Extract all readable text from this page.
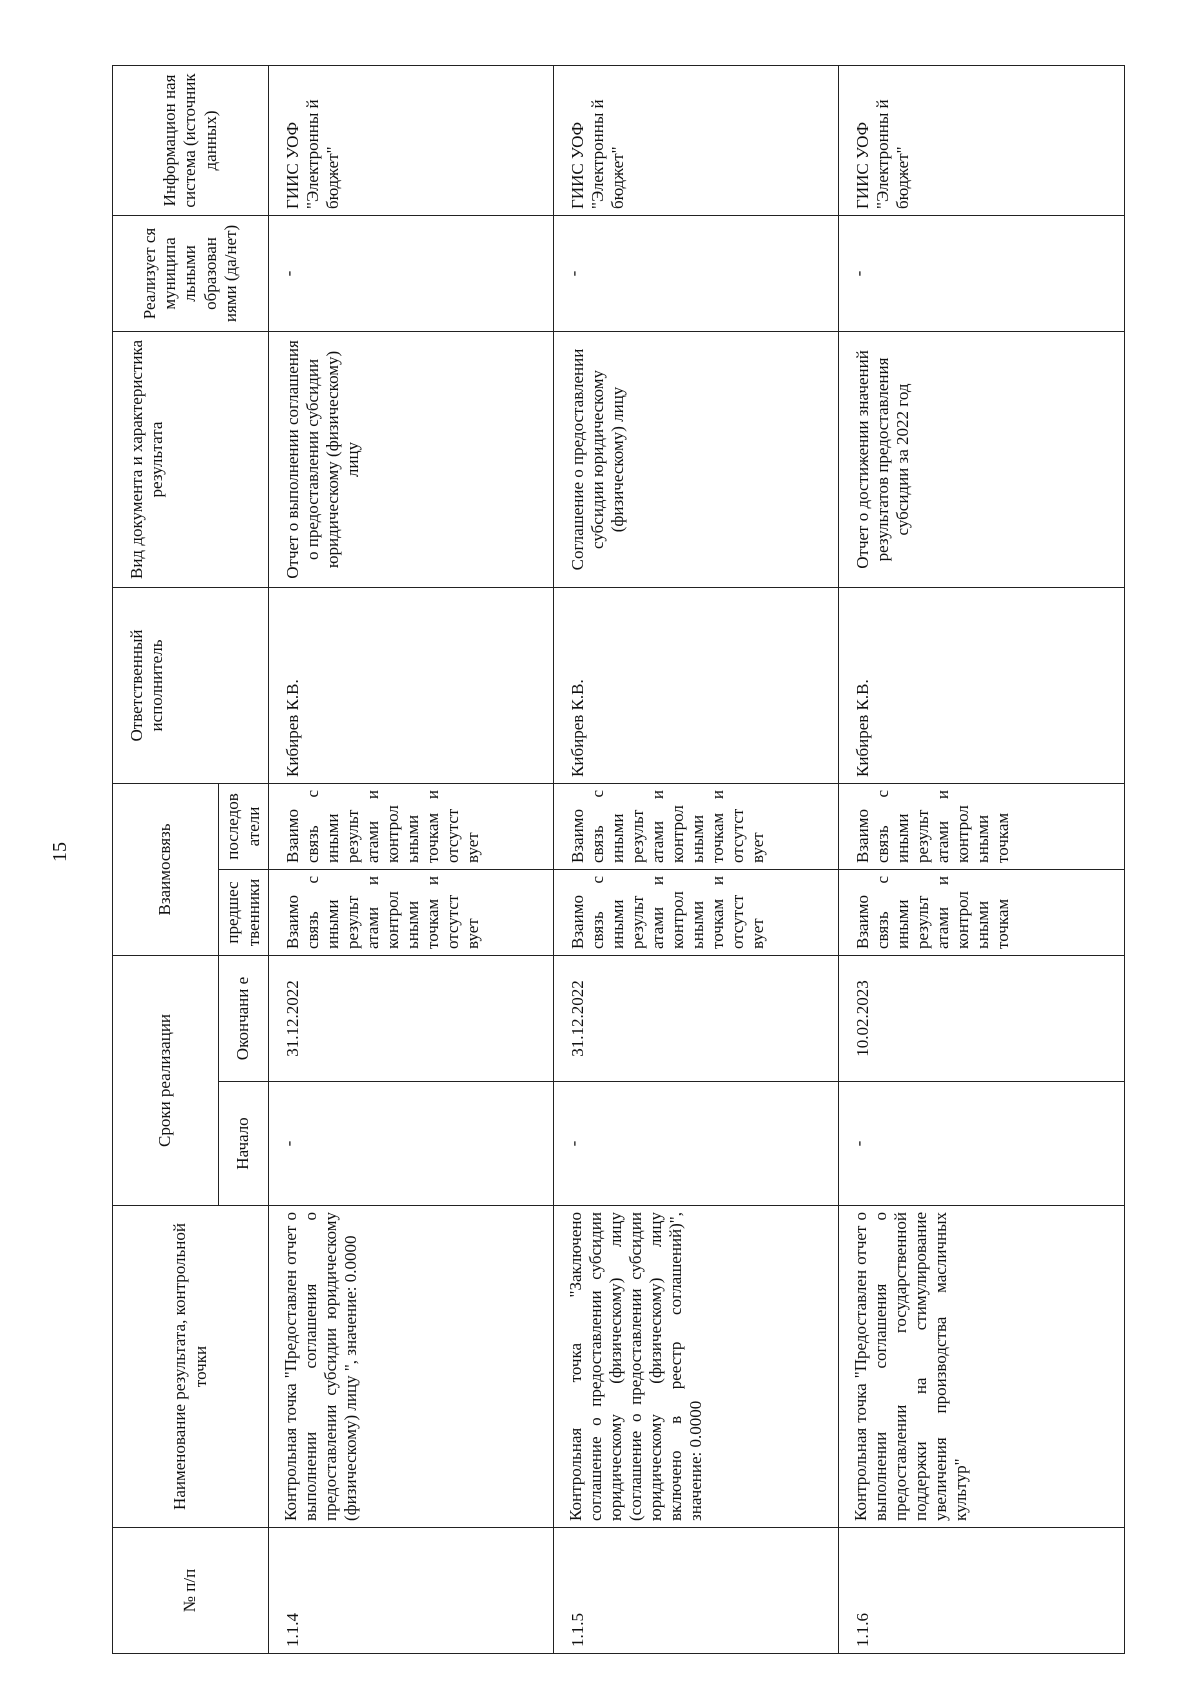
15
№ п/п	Наименование результата, контрольной точки	Сроки реализации		Взаимосвязь		Ответственный исполнитель	Вид документа и характеристика результата	Реализует ся муниципа льными образован иями (да/нет)	Информацион ная система (источник данных)
		Начало	Окончани е	предшес твенники	последов атели				
1.1.4	Контрольная точка "Предоставлен отчет о выполнении соглашения о предоставлении субсидии юридическому (физическому) лицу ", значение: 0.0000	-	31.12.2022	Взаимо связь с иными результ атами и контрол ьными точкам и отсутст вует	Взаимо связь с иными результ атами и контрол ьными точкам и отсутст вует	Кибирев К.В.	Отчет о выполнении соглашения о предоставлении субсидии юридическому (физическому) лицу	-	ГИИС УОФ "Электронны й бюджет"
1.1.5	Контрольная точка "Заключено соглашение о предоставлении субсидии юридическому (физическому) лицу (соглашение о предоставлении субсидии юридическому (физическому) лицу включено в реестр соглашений)", значение: 0.0000	-	31.12.2022	Взаимо связь с иными результ атами и контрол ьными точкам и отсутст вует	Взаимо связь с иными результ атами и контрол ьными точкам и отсутст вует	Кибирев К.В.	Соглашение о предоставлении субсидии юридическому (физическому) лицу	-	ГИИС УОФ "Электронны й бюджет"
1.1.6	Контрольная точка "Предоставлен отчет о выполнении соглашения о предоставлении государственной поддержки на стимулирование увеличения производства масличных культур"	-	10.02.2023	Взаимо связь с иными результ атами и контрол ьными точкам	Взаимо связь с иными результ атами и контрол ьными точкам	Кибирев К.В.	Отчет о достижении значений результатов предоставления субсидии за 2022 год	-	ГИИС УОФ "Электронны й бюджет"
